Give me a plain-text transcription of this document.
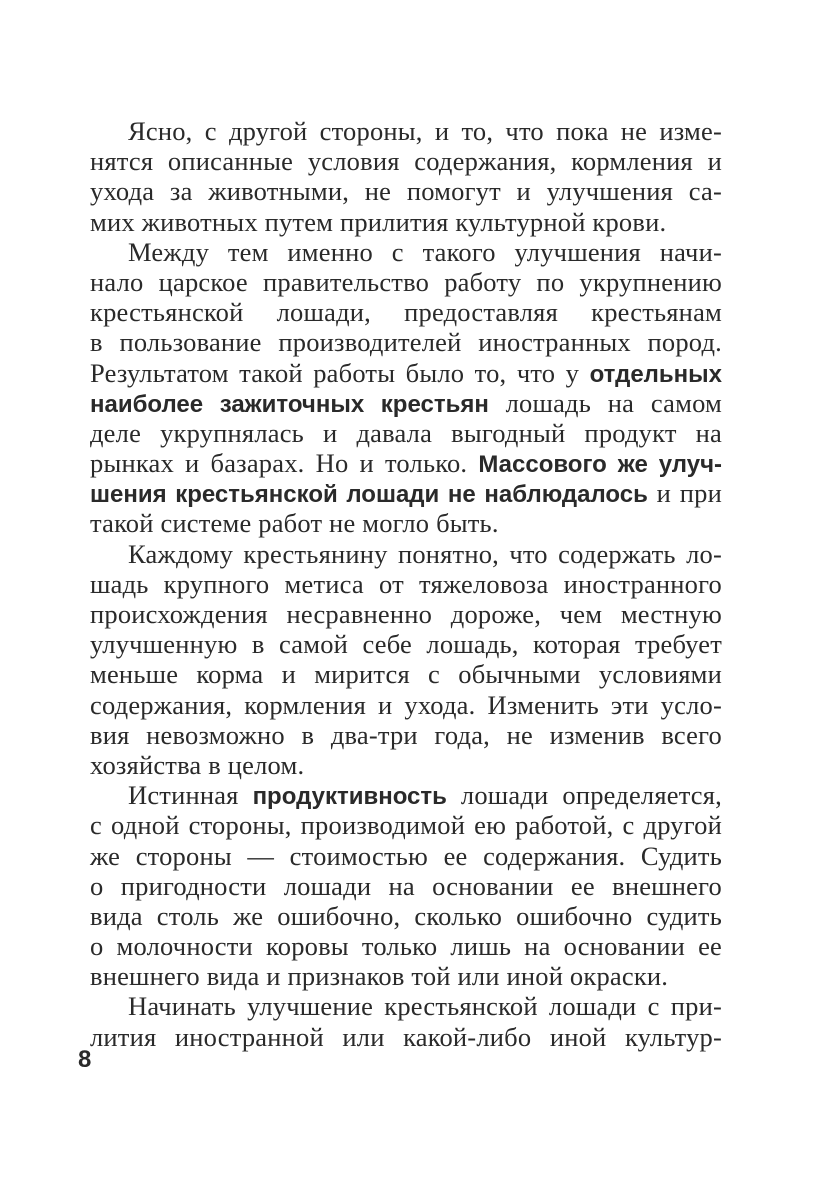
Ясно, с другой стороны, и то, что пока не изме-
нятся описанные условия содержания, кормления и
ухода за животными, не помогут и улучшения са-
мих животных путем прилития культурной крови.
Между тем именно с такого улучшения начи-
нало царское правительство работу по укрупнению
крестьянской лошади, предоставляя крестьянам
в пользование производителей иностранных пород.
Результатом такой работы было то, что у отдельных
наиболее зажиточных крестьян лошадь на самом
деле укрупнялась и давала выгодный продукт на
рынках и базарах. Но и только. Массового же улуч-
шения крестьянской лошади не наблюдалось и при
такой системе работ не могло быть.
Каждому крестьянину понятно, что содержать ло-
шадь крупного метиса от тяжеловоза иностранного
происхождения несравненно дороже, чем местную
улучшенную в самой себе лошадь, которая требует
меньше корма и мирится с обычными условиями
содержания, кормления и ухода. Изменить эти усло-
вия невозможно в два-три года, не изменив всего
хозяйства в целом.
Истинная продуктивность лошади определяется,
с одной стороны, производимой ею работой, с другой
же стороны — стоимостью ее содержания. Судить
о пригодности лошади на основании ее внешнего
вида столь же ошибочно, сколько ошибочно судить
о молочности коровы только лишь на основании ее
внешнего вида и признаков той или иной окраски.
Начинать улучшение крестьянской лошади с при-
лития иностранной или какой-либо иной культур-
8
